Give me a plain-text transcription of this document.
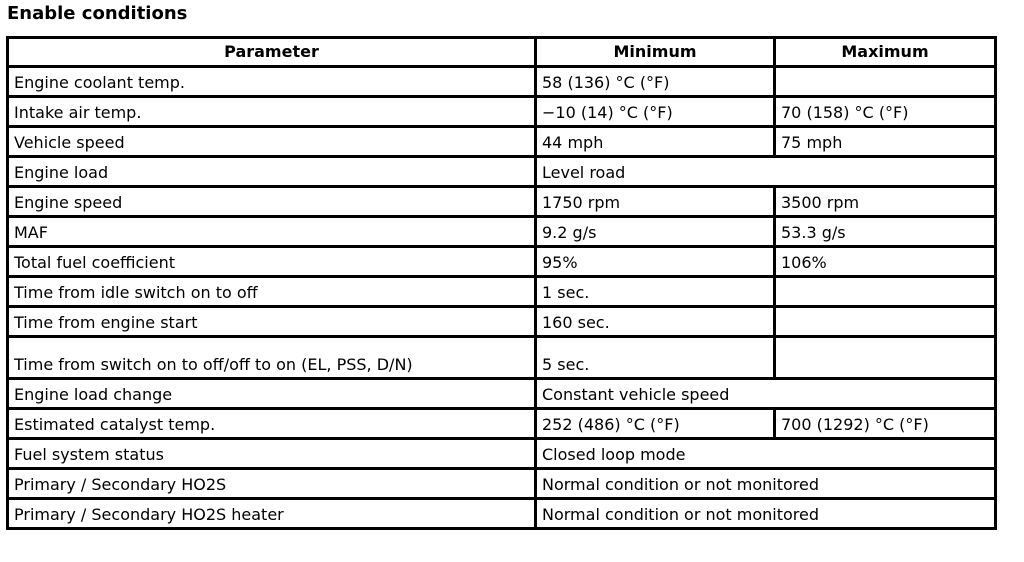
Enable conditions
Parameter	Minimum	Maximum
Engine coolant temp.	58 (136) °C (°F)	
Intake air temp.	−10 (14) °C (°F)	70 (158) °C (°F)
Vehicle speed	44 mph	75 mph
Engine load	Level road	
Engine speed	1750 rpm	3500 rpm
MAF	9.2 g/s	53.3 g/s
Total fuel coefficient	95%	106%
Time from idle switch on to off	1 sec.	
Time from engine start	160 sec.	
Time from switch on to off/off to on (EL, PSS, D/N)	5 sec.	
Engine load change	Constant vehicle speed	
Estimated catalyst temp.	252 (486) °C (°F)	700 (1292) °C (°F)
Fuel system status	Closed loop mode	
Primary / Secondary HO2S	Normal condition or not monitored	
Primary / Secondary HO2S heater	Normal condition or not monitored	
